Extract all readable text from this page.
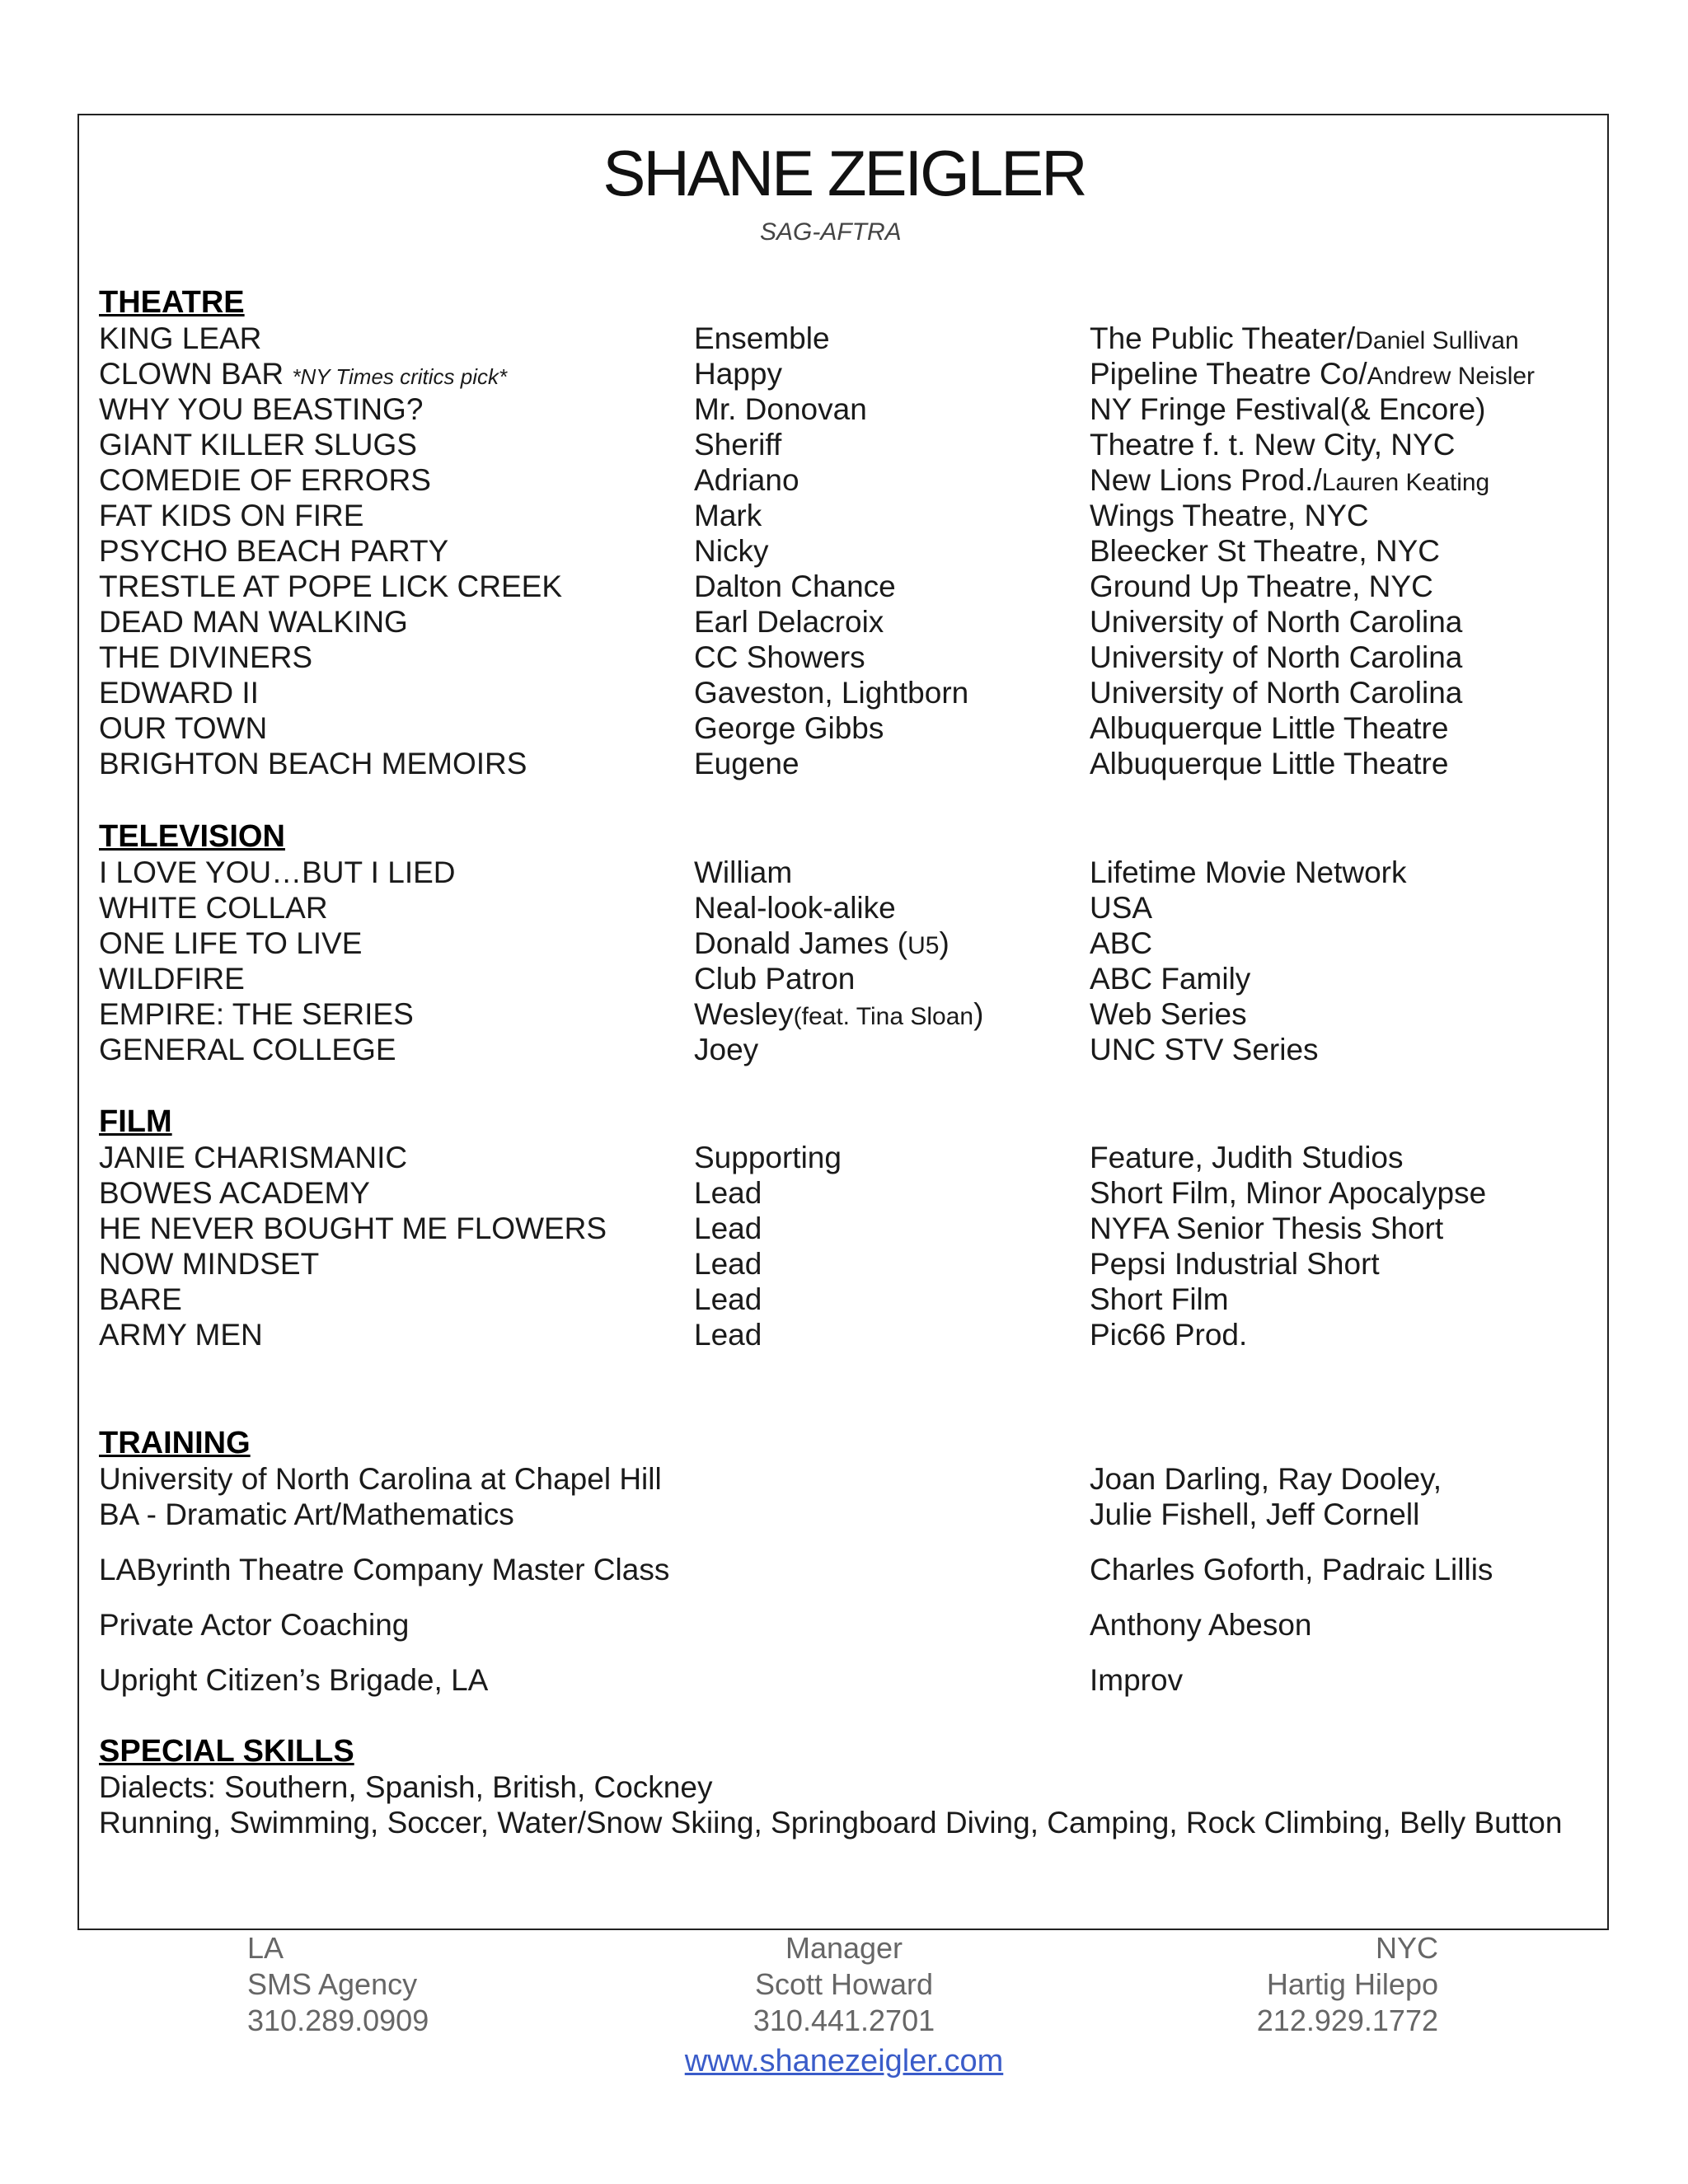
SHANE ZEIGLER
SAG-AFTRA
THEATRE
KING LEAR	Ensemble	The Public Theater/Daniel Sullivan
CLOWN BAR *NY Times critics pick*	Happy	Pipeline Theatre Co/Andrew Neisler
WHY YOU BEASTING?	Mr. Donovan	NY Fringe Festival(& Encore)
GIANT KILLER SLUGS	Sheriff	Theatre f. t. New City, NYC
COMEDIE OF ERRORS	Adriano	New Lions Prod./Lauren Keating
FAT KIDS ON FIRE	Mark	Wings Theatre, NYC
PSYCHO BEACH PARTY	Nicky	Bleecker St Theatre, NYC
TRESTLE AT POPE LICK CREEK	Dalton Chance	Ground Up Theatre, NYC
DEAD MAN WALKING	Earl Delacroix	University of North Carolina
THE DIVINERS	CC Showers	University of North Carolina
EDWARD II	Gaveston, Lightborn	University of North Carolina
OUR TOWN	George Gibbs	Albuquerque Little Theatre
BRIGHTON BEACH MEMOIRS	Eugene	Albuquerque Little Theatre
TELEVISION
I LOVE YOU…BUT I LIED	William	Lifetime Movie Network
WHITE COLLAR	Neal-look-alike	USA
ONE LIFE TO LIVE	Donald James (U5)	ABC
WILDFIRE	Club Patron	ABC Family
EMPIRE: THE SERIES	Wesley(feat. Tina Sloan)	Web Series
GENERAL COLLEGE	Joey	UNC STV Series
FILM
JANIE CHARISMANIC	Supporting	Feature, Judith Studios
BOWES ACADEMY	Lead	Short Film, Minor Apocalypse
HE NEVER BOUGHT ME FLOWERS	Lead	NYFA Senior Thesis Short
NOW MINDSET	Lead	Pepsi Industrial Short
BARE	Lead	Short Film
ARMY MEN	Lead	Pic66 Prod.
TRAINING
University of North Carolina at Chapel Hill	Joan Darling, Ray Dooley,
BA - Dramatic Art/Mathematics	Julie Fishell, Jeff Cornell
LAByrinth Theatre Company Master Class	Charles Goforth, Padraic Lillis
Private Actor Coaching	Anthony Abeson
Upright Citizen’s Brigade, LA	Improv
SPECIAL SKILLS
Dialects: Southern, Spanish, British, Cockney
Running, Swimming, Soccer, Water/Snow Skiing, Springboard Diving, Camping, Rock Climbing, Belly Button
LA
SMS Agency
310.289.0909
Manager
Scott Howard
310.441.2701
NYC
Hartig Hilepo
212.929.1772
www.shanezeigler.com
